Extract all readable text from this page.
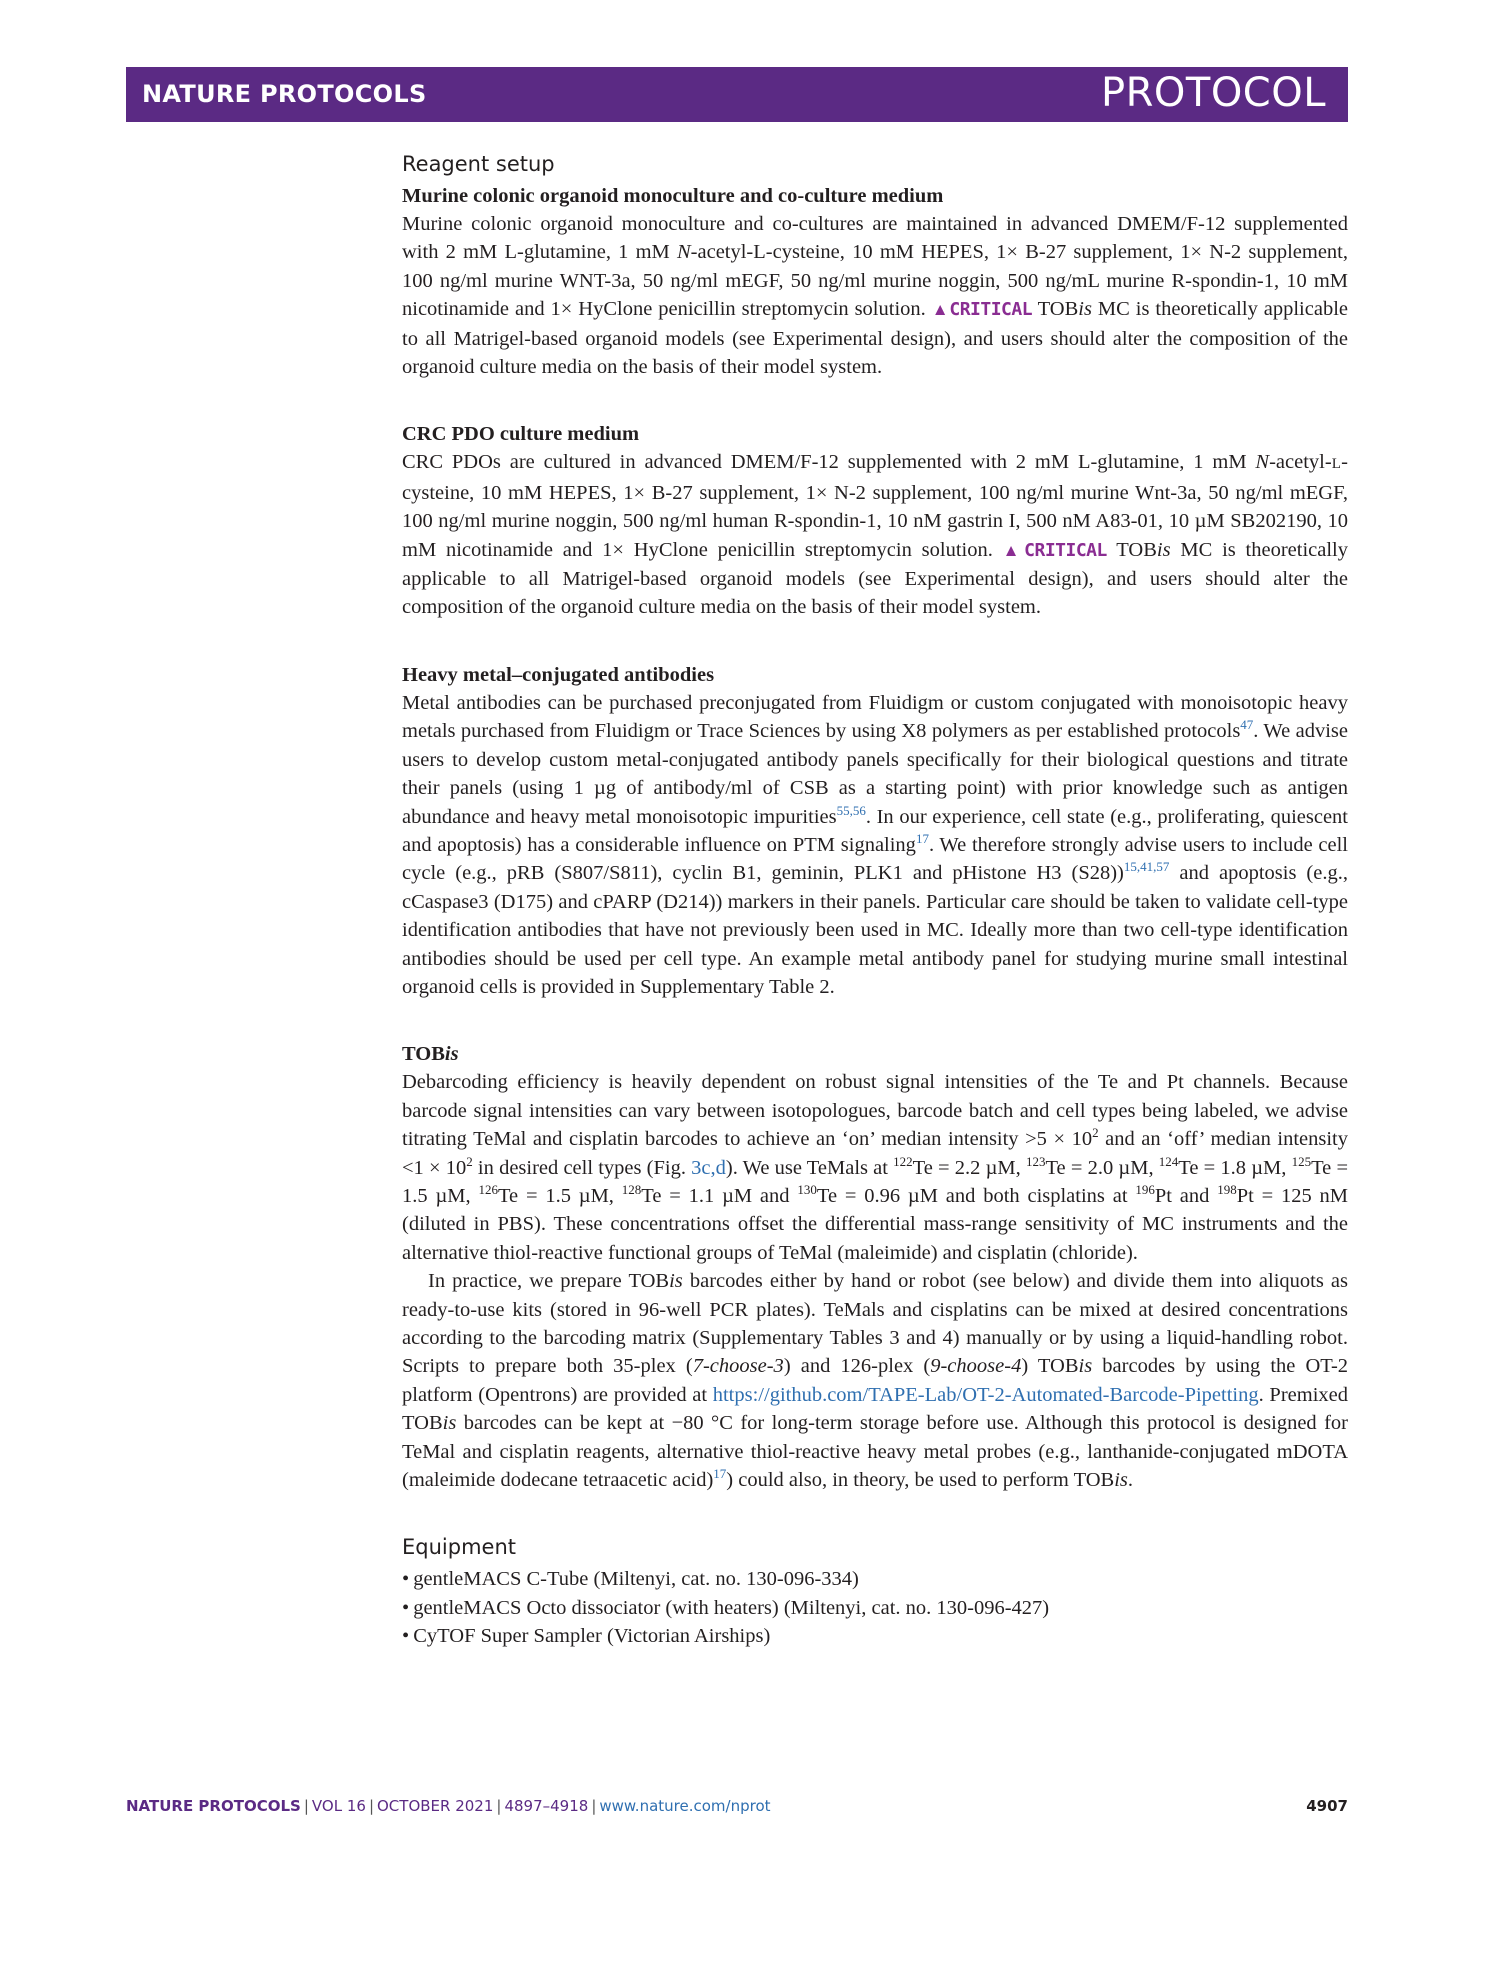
NATURE PROTOCOLS	PROTOCOL
Reagent setup
Murine colonic organoid monoculture and co-culture medium

Murine colonic organoid monoculture and co-cultures are maintained in advanced DMEM/F-12 supplemented with 2 mM L-glutamine, 1 mM N-acetyl-L-cysteine, 10 mM HEPES, 1× B-27 supplement, 1× N-2 supplement, 100 ng/ml murine WNT-3a, 50 ng/ml mEGF, 50 ng/ml murine noggin, 500 ng/mL murine R-spondin-1, 10 mM nicotinamide and 1× HyClone penicillin streptomycin solution. ▲CRITICAL TOBis MC is theoretically applicable to all Matrigel-based organoid models (see Experimental design), and users should alter the composition of the organoid culture media on the basis of their model system.

CRC PDO culture medium

CRC PDOs are cultured in advanced DMEM/F-12 supplemented with 2 mM L-glutamine, 1 mM N-acetyl-L-cysteine, 10 mM HEPES, 1× B-27 supplement, 1× N-2 supplement, 100 ng/ml murine Wnt-3a, 50 ng/ml mEGF, 100 ng/ml murine noggin, 500 ng/ml human R-spondin-1, 10 nM gastrin I, 500 nM A83-01, 10 µM SB202190, 10 mM nicotinamide and 1× HyClone penicillin streptomycin solution. ▲CRITICAL TOBis MC is theoretically applicable to all Matrigel-based organoid models (see Experimental design), and users should alter the composition of the organoid culture media on the basis of their model system.

Heavy metal–conjugated antibodies

Metal antibodies can be purchased preconjugated from Fluidigm or custom conjugated with monoisotopic heavy metals purchased from Fluidigm or Trace Sciences by using X8 polymers as per established protocols$^{47}$. We advise users to develop custom metal-conjugated antibody panels specifically for their biological questions and titrate their panels (using 1 µg of antibody/ml of CSB as a starting point) with prior knowledge such as antigen abundance and heavy metal monoisotopic impurities$^{55,56}$. In our experience, cell state (e.g., proliferating, quiescent and apoptosis) has a considerable influence on PTM signaling$^{17}$. We therefore strongly advise users to include cell cycle (e.g., pRB (S807/S811), cyclin B1, geminin, PLK1 and pHistone H3 (S28))$^{15,41,57}$ and apoptosis (e.g., cCaspase3 (D175) and cPARP (D214)) markers in their panels. Particular care should be taken to validate cell-type identification antibodies that have not previously been used in MC. Ideally more than two cell-type identification antibodies should be used per cell type. An example metal antibody panel for studying murine small intestinal organoid cells is provided in Supplementary Table 2.

TOBis

Debarcoding efficiency is heavily dependent on robust signal intensities of the Te and Pt channels. Because barcode signal intensities can vary between isotopologues, barcode batch and cell types being labeled, we advise titrating TeMal and cisplatin barcodes to achieve an ‘on’ median intensity $>5 \times 10^2$ and an ‘off’ median intensity $<1 \times 10^2$ in desired cell types (Fig. 3c,d). We use TeMals at $^{122}$Te = 2.2 µM, $^{123}$Te = 2.0 µM, $^{124}$Te = 1.8 µM, $^{125}$Te = 1.5 µM, $^{126}$Te = 1.5 µM, $^{128}$Te = 1.1 µM and $^{130}$Te = 0.96 µM and both cisplatins at $^{196}$Pt and $^{198}$Pt = 125 nM (diluted in PBS). These concentrations offset the differential mass-range sensitivity of MC instruments and the alternative thiol-reactive functional groups of TeMal (maleimide) and cisplatin (chloride).

In practice, we prepare TOBis barcodes either by hand or robot (see below) and divide them into aliquots as ready-to-use kits (stored in 96-well PCR plates). TeMals and cisplatins can be mixed at desired concentrations according to the barcoding matrix (Supplementary Tables 3 and 4) manually or by using a liquid-handling robot. Scripts to prepare both 35-plex (7-choose-3) and 126-plex (9-choose-4) TOBis barcodes by using the OT-2 platform (Opentrons) are provided at https://github.com/TAPE-Lab/OT-2-Automated-Barcode-Pipetting. Premixed TOBis barcodes can be kept at −80 °C for long-term storage before use. Although this protocol is designed for TeMal and cisplatin reagents, alternative thiol-reactive heavy metal probes (e.g., lanthanide-conjugated mDOTA (maleimide dodecane tetraacetic acid)$^{17}$) could also, in theory, be used to perform TOBis.

Equipment
• gentleMACS C-Tube (Miltenyi, cat. no. 130-096-334)
• gentleMACS Octo dissociator (with heaters) (Miltenyi, cat. no. 130-096-427)
• CyTOF Super Sampler (Victorian Airships)
NATURE PROTOCOLS | VOL 16 | OCTOBER 2021 | 4897–4918 | www.nature.com/nprot	4907
